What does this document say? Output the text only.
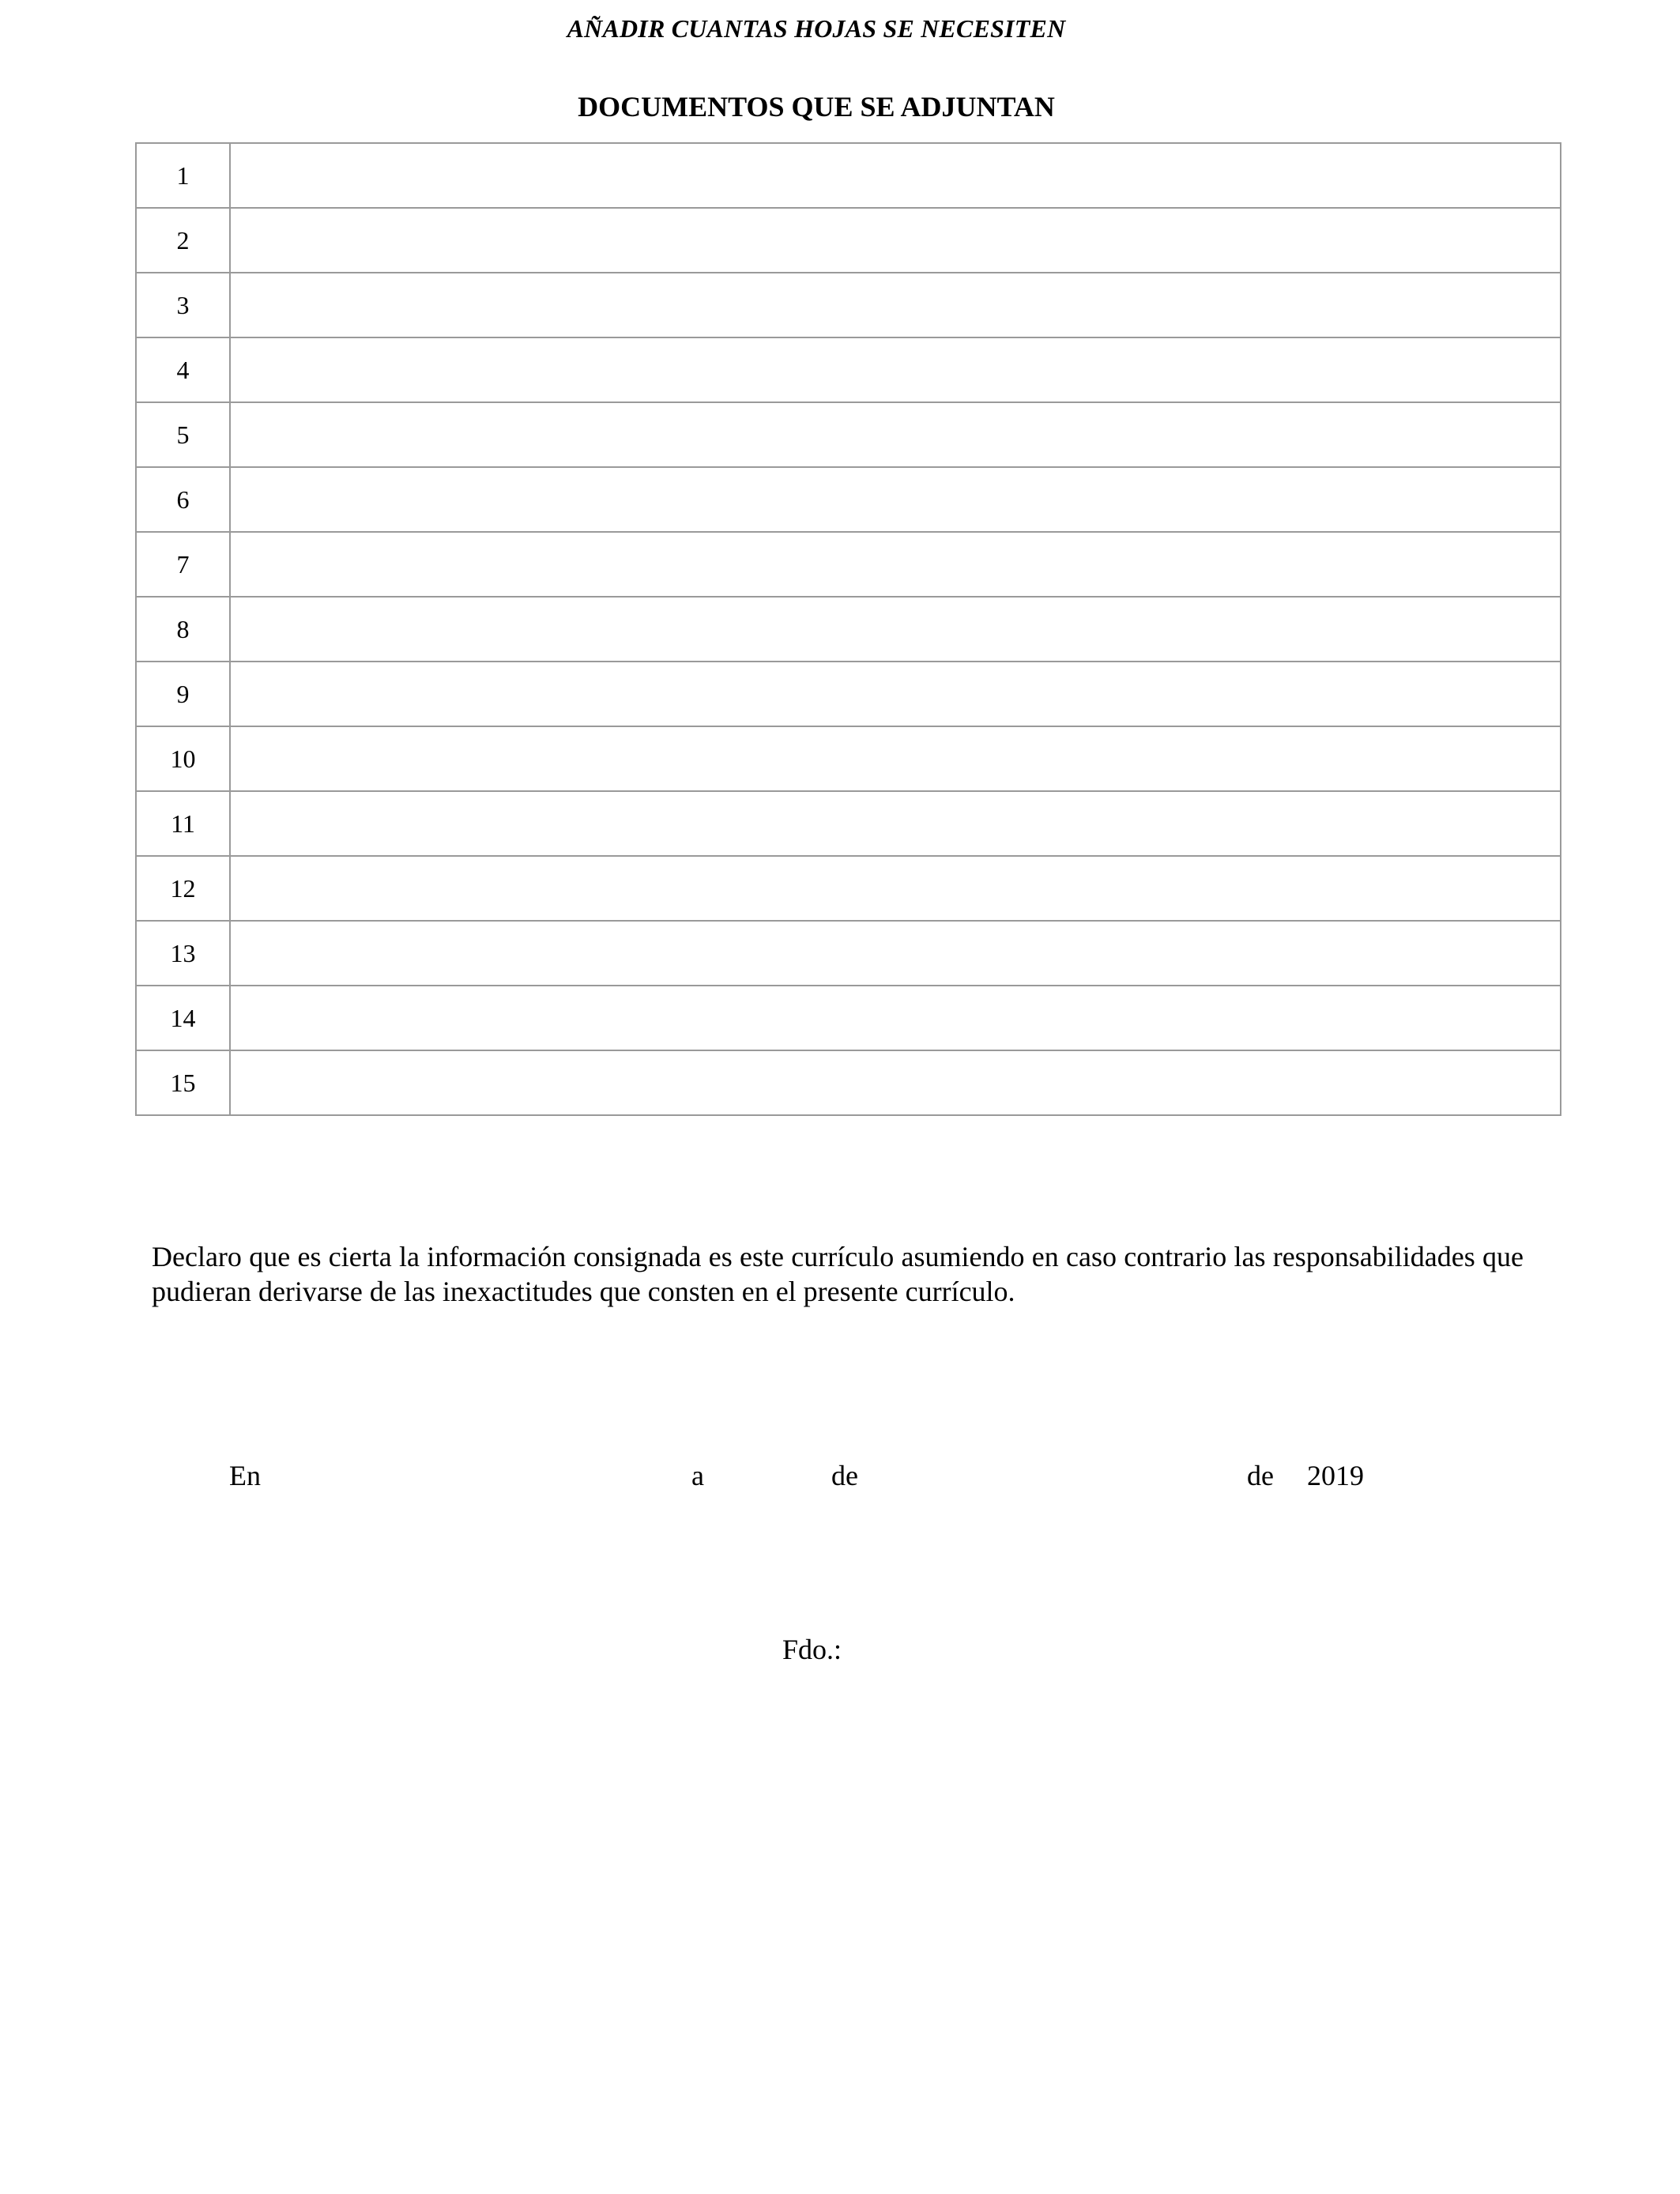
AÑADIR CUANTAS HOJAS SE NECESITEN
DOCUMENTOS QUE SE ADJUNTAN
1	
2	
3	
4	
5	
6	
7	
8	
9	
10	
11	
12	
13	
14	
15	
Declaro que es cierta la información consignada es este currículo asumiendo en caso contrario las responsabilidades que pudieran derivarse de las inexactitudes que consten en el presente currículo.
En	a	de	de 2019
Fdo.:
